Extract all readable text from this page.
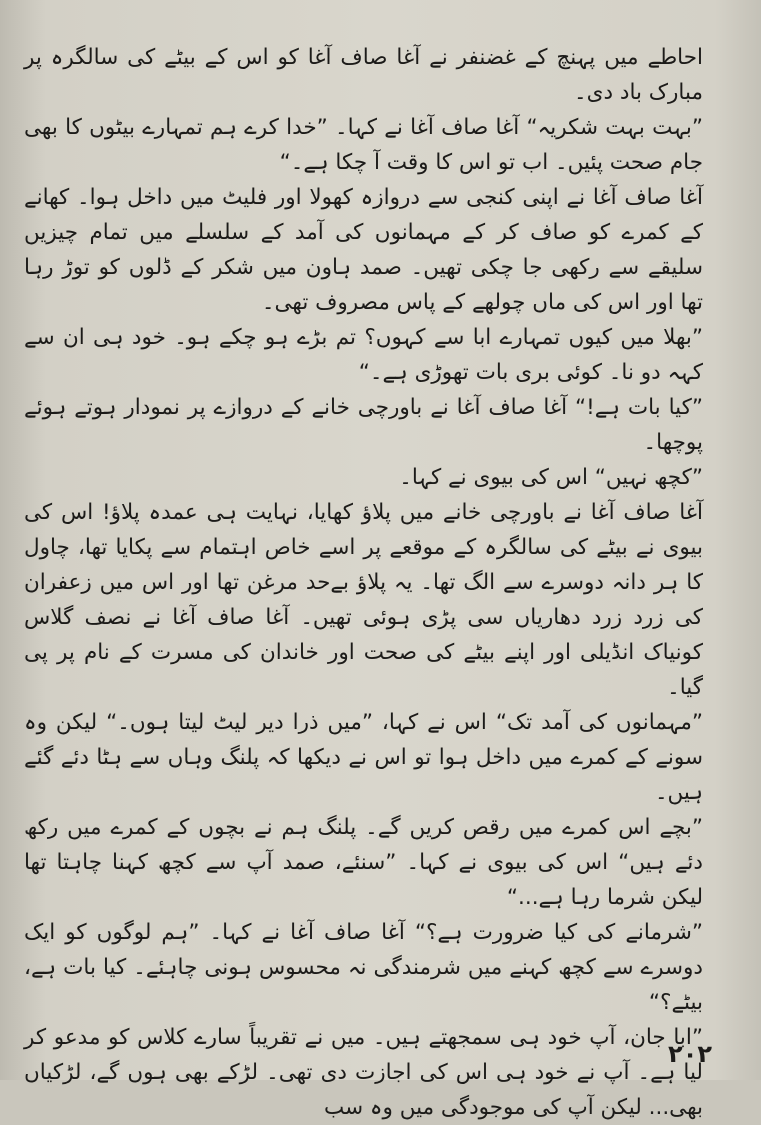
احاطے میں پہنچ کے غضنفر نے آغا صاف آغا کو اس کے بیٹے کی سالگرہ پر مبارک باد دی۔

”بہت بہت شکریہ“ آغا صاف آغا نے کہا۔ ”خدا کرے ہم تمہارے بیٹوں کا بھی جام صحت پئیں۔ اب تو اس کا وقت آ چکا ہے۔“

آغا صاف آغا نے اپنی کنجی سے دروازہ کھولا اور فلیٹ میں داخل ہوا۔ کھانے کے کمرے کو صاف کر کے مہمانوں کی آمد کے سلسلے میں تمام چیزیں سلیقے سے رکھی جا چکی تھیں۔ صمد ہاون میں شکر کے ڈلوں کو توڑ رہا تھا اور اس کی ماں چولھے کے پاس مصروف تھی۔

”بھلا میں کیوں تمہارے ابا سے کہوں؟ تم بڑے ہو چکے ہو۔ خود ہی ان سے کہہ دو نا۔ کوئی بری بات تھوڑی ہے۔“

”کیا بات ہے!“ آغا صاف آغا نے باورچی خانے کے دروازے پر نمودار ہوتے ہوئے پوچھا۔

”کچھ نہیں“ اس کی بیوی نے کہا۔

آغا صاف آغا نے باورچی خانے میں پلاؤ کھایا، نہایت ہی عمدہ پلاؤ! اس کی بیوی نے بیٹے کی سالگرہ کے موقعے پر اسے خاص اہتمام سے پکایا تھا، چاول کا ہر دانہ دوسرے سے الگ تھا۔ یہ پلاؤ بےحد مرغن تھا اور اس میں زعفران کی زرد زرد دھاریاں سی پڑی ہوئی تھیں۔ آغا صاف آغا نے نصف گلاس کونیاک انڈیلی اور اپنے بیٹے کی صحت اور خاندان کی مسرت کے نام پر پی گیا۔

”مہمانوں کی آمد تک“ اس نے کہا، ”میں ذرا دیر لیٹ لیتا ہوں۔“ لیکن وہ سونے کے کمرے میں داخل ہوا تو اس نے دیکھا کہ پلنگ وہاں سے ہٹا دئے گئے ہیں۔

”بچے اس کمرے میں رقص کریں گے۔ پلنگ ہم نے بچوں کے کمرے میں رکھ دئے ہیں“ اس کی بیوی نے کہا۔ ”سنئے، صمد آپ سے کچھ کہنا چاہتا تھا لیکن شرما رہا ہے...“

”شرمانے کی کیا ضرورت ہے؟“ آغا صاف آغا نے کہا۔ ”ہم لوگوں کو ایک دوسرے سے کچھ کہنے میں شرمندگی نہ محسوس ہونی چاہئے۔ کیا بات ہے، بیٹے؟“

”ابا جان، آپ خود ہی سمجھتے ہیں۔ میں نے تقریباً سارے کلاس کو مدعو کر لیا ہے۔ آپ نے خود ہی اس کی اجازت دی تھی۔ لڑکے بھی ہوں گے، لڑکیاں بھی... لیکن آپ کی موجودگی میں وہ سب

۲۰۲
